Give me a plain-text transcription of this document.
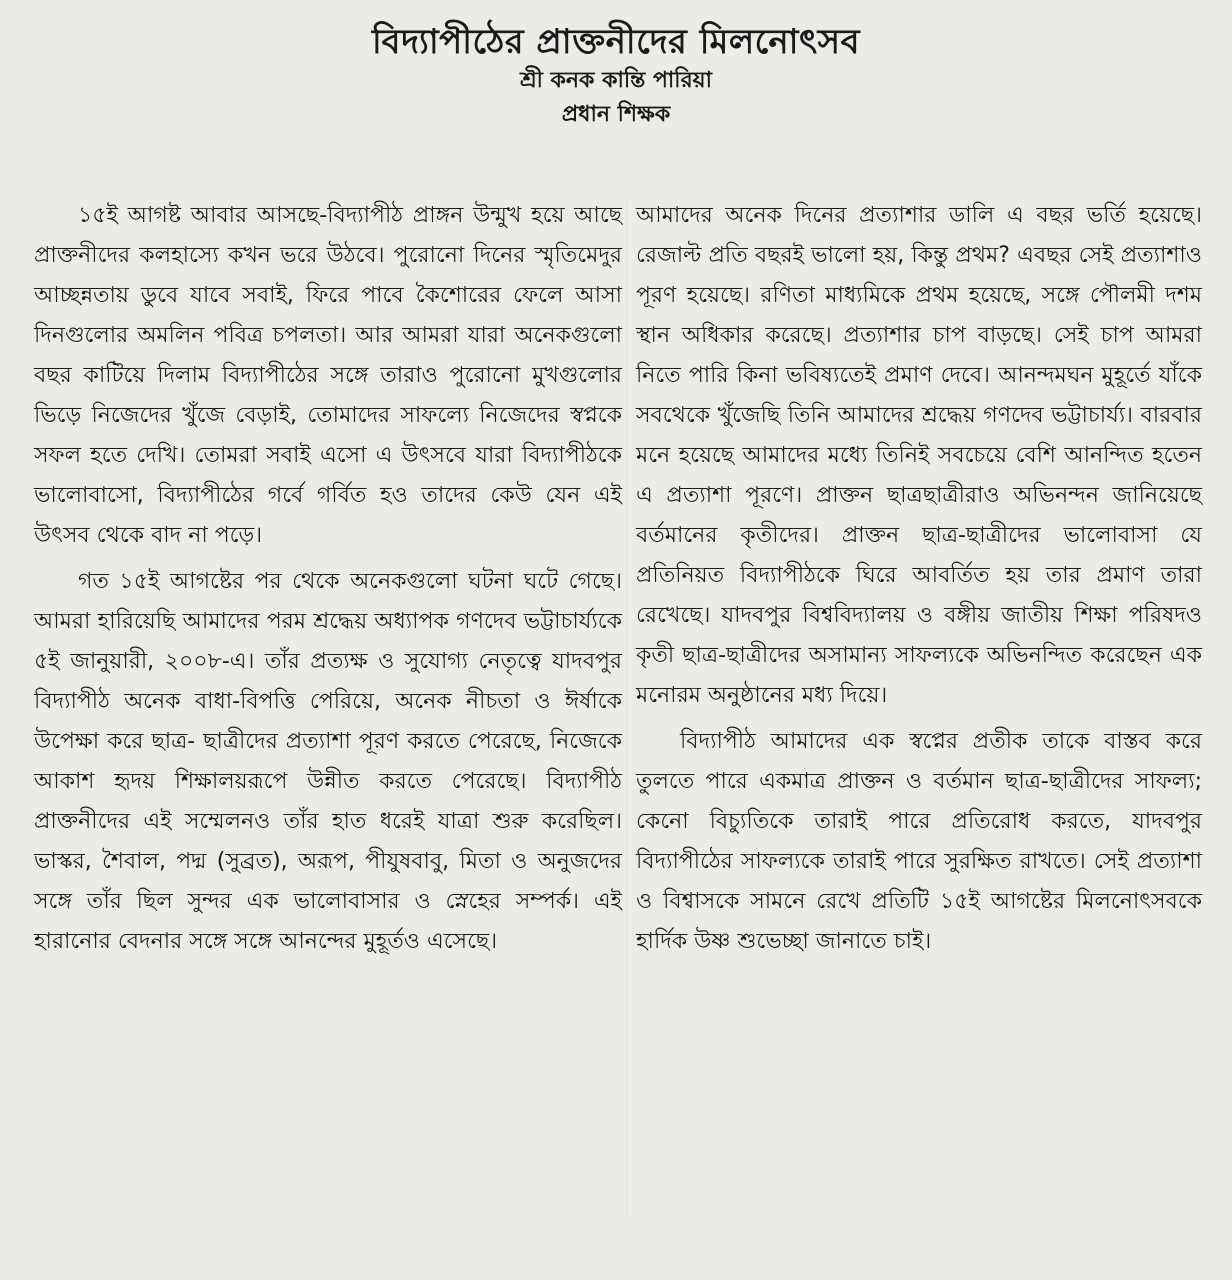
বিদ্যাপীঠের প্রাক্তনীদের মিলনোৎসব
শ্রী কনক কান্তি পারিয়া
প্রধান শিক্ষক

১৫ই আগষ্ট আবার আসছে-বিদ্যাপীঠ প্রাঙ্গন উন্মুখ হয়ে আছে প্রাক্তনীদের কলহাস্যে কখন ভরে উঠবে। পুরোনো দিনের স্মৃতিমেদুর আচ্ছন্নতায় ডুবে যাবে সবাই, ফিরে পাবে কৈশোরের ফেলে আসা দিনগুলোর অমলিন পবিত্র চপলতা। আর আমরা যারা অনেকগুলো বছর কাটিয়ে দিলাম বিদ্যাপীঠের সঙ্গে তারাও পুরোনো মুখগুলোর ভিড়ে নিজেদের খুঁজে বেড়াই, তোমাদের সাফল্যে নিজেদের স্বপ্নকে সফল হতে দেখি। তোমরা সবাই এসো এ উৎসবে যারা বিদ্যাপীঠকে ভালোবাসো, বিদ্যাপীঠের গর্বে গর্বিত হও তাদের কেউ যেন এই উৎসব থেকে বাদ না পড়ে।

গত ১৫ই আগষ্টের পর থেকে অনেকগুলো ঘটনা ঘটে গেছে। আমরা হারিয়েছি আমাদের পরম শ্রদ্ধেয় অধ্যাপক গণদেব ভট্টাচার্য্যকে ৫ই জানুয়ারী, ২০০৮-এ। তাঁর প্রত্যক্ষ ও সুযোগ্য নেতৃত্বে যাদবপুর বিদ্যাপীঠ অনেক বাধা-বিপত্তি পেরিয়ে, অনেক নীচতা ও ঈর্ষাকে উপেক্ষা করে ছাত্র- ছাত্রীদের প্রত্যাশা পূরণ করতে পেরেছে, নিজেকে আকাশ হৃদয় শিক্ষালয়রূপে উন্নীত করতে পেরেছে। বিদ্যাপীঠ প্রাক্তনীদের এই সম্মেলনও তাঁর হাত ধরেই যাত্রা শুরু করেছিল। ভাস্কর, শৈবাল, পদ্ম (সুব্রত), অরূপ, পীযুষবাবু, মিতা ও অনুজদের সঙ্গে তাঁর ছিল সুন্দর এক ভালোবাসার ও স্নেহের সম্পর্ক। এই হারানোর বেদনার সঙ্গে সঙ্গে আনন্দের মুহূর্তও এসেছে।

আমাদের অনেক দিনের প্রত্যাশার ডালি এ বছর ভর্তি হয়েছে। রেজাল্ট প্রতি বছরই ভালো হয়, কিন্তু প্রথম? এবছর সেই প্রত্যাশাও পূরণ হয়েছে। রণিতা মাধ্যমিকে প্রথম হয়েছে, সঙ্গে পৌলমী দশম স্থান অধিকার করেছে। প্রত্যাশার চাপ বাড়ছে। সেই চাপ আমরা নিতে পারি কিনা ভবিষ্যতেই প্রমাণ দেবে। আনন্দমঘন মুহূর্তে যাঁকে সবথেকে খুঁজেছি তিনি আমাদের শ্রদ্ধেয় গণদেব ভট্টাচার্য্য। বারবার মনে হয়েছে আমাদের মধ্যে তিনিই সবচেয়ে বেশি আনন্দিত হতেন এ প্রত্যাশা পূরণে। প্রাক্তন ছাত্রছাত্রীরাও অভিনন্দন জানিয়েছে বর্তমানের কৃতীদের। প্রাক্তন ছাত্র-ছাত্রীদের ভালোবাসা যে প্রতিনিয়ত বিদ্যাপীঠকে ঘিরে আবর্তিত হয় তার প্রমাণ তারা রেখেছে। যাদবপুর বিশ্ববিদ্যালয় ও বঙ্গীয় জাতীয় শিক্ষা পরিষদও কৃতী ছাত্র-ছাত্রীদের অসামান্য সাফল্যকে অভিনন্দিত করেছেন এক মনোরম অনুষ্ঠানের মধ্য দিয়ে।

বিদ্যাপীঠ আমাদের এক স্বপ্নের প্রতীক তাকে বাস্তব করে তুলতে পারে একমাত্র প্রাক্তন ও বর্তমান ছাত্র-ছাত্রীদের সাফল্য; কেনো বিচ্যুতিকে তারাই পারে প্রতিরোধ করতে, যাদবপুর বিদ্যাপীঠের সাফল্যকে তারাই পারে সুরক্ষিত রাখতে। সেই প্রত্যাশা ও বিশ্বাসকে সামনে রেখে প্রতিটি ১৫ই আগষ্টের মিলনোৎসবকে হার্দিক উষ্ণ শুভেচ্ছা জানাতে চাই।
